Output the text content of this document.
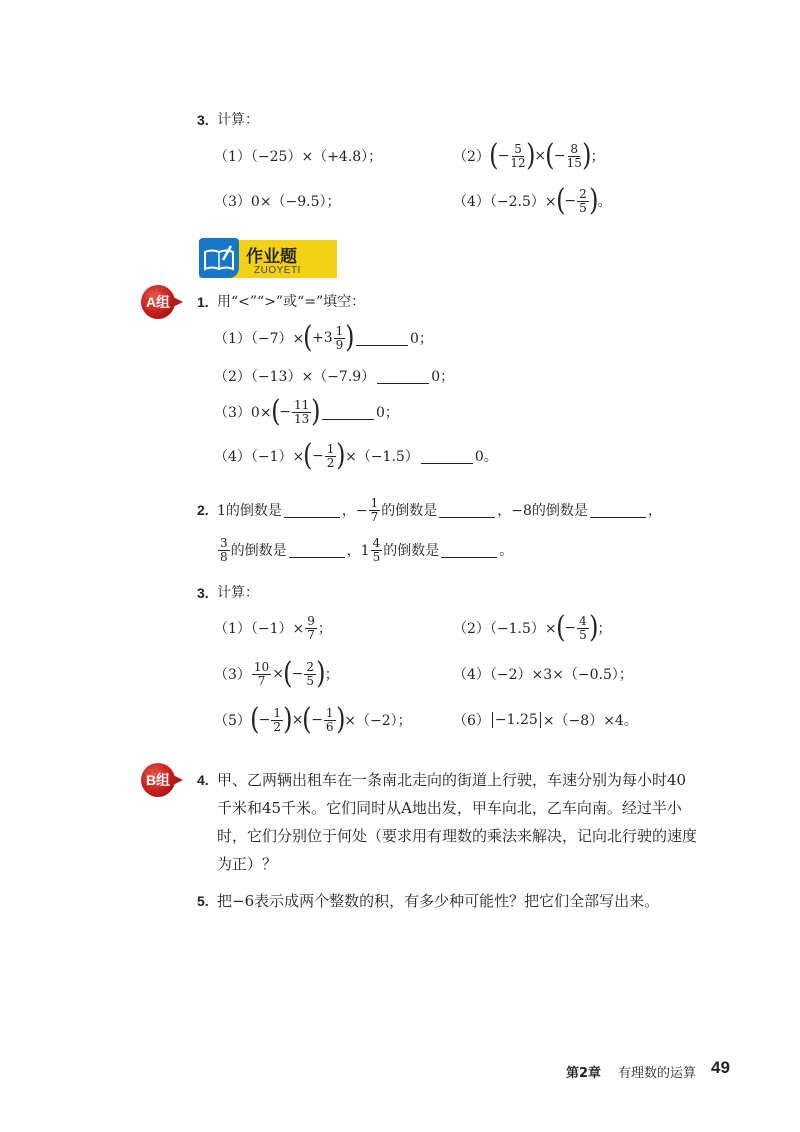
3. 计算：
（1）（−25）×（+4.8）；	（2） ( − $\frac{5}{12}$ ) × ( − $\frac{8}{15}$ ) ；
（3）0×（−9.5）；	（4）（−2.5）× ( − $\frac{2}{5}$ ) 。
作业题
ZUOYETI
A组	1. 用“<”“>”或“=”填空：
（1）（−7）× ( $+3 \frac{1}{9}$ )	0；
（2）（−13）×（−7.9）	0；
（3）0× ( − $\frac{11}{13}$ )	0；
（4）（−1）× ( − $\frac{1}{2}$ ) ×（−1.5）	0。
2. 1的倒数是	，− $\frac{1}{7}$ 的倒数是	，−8的倒数是	，
$\frac{3}{8}$ 的倒数是	，$1 \frac{4}{5}$ 的倒数是	。
3. 计算：
$(1)(-1)\times \frac{9}{7}$ ；	（2）（−1.5）× ( − $\frac{4}{5}$ ) ；
$(3) \frac{10}{7}$ × ( − $\frac{2}{5}$ ) ；	（4）（−2）×3×（−0.5）；
（5） ( − $\frac{1}{2}$ ) × ( − $\frac{1}{6}$ ) ×（−2）；	（6） −1.25 ×（−8）×4。
B组	4. 甲、乙两辆出租车在一条南北走向的街道上行驶，车速分别为每小时40千米和45千米。它们同时从A地出发，甲车向北，乙车向南。经过半小时，它们分别位于何处（要求用有理数的乘法来解决，记向北行驶的速度为正）？
5. 把−6表示成两个整数的积，有多少种可能性？把它们全部写出来。
第2章 有理数的运算 49
